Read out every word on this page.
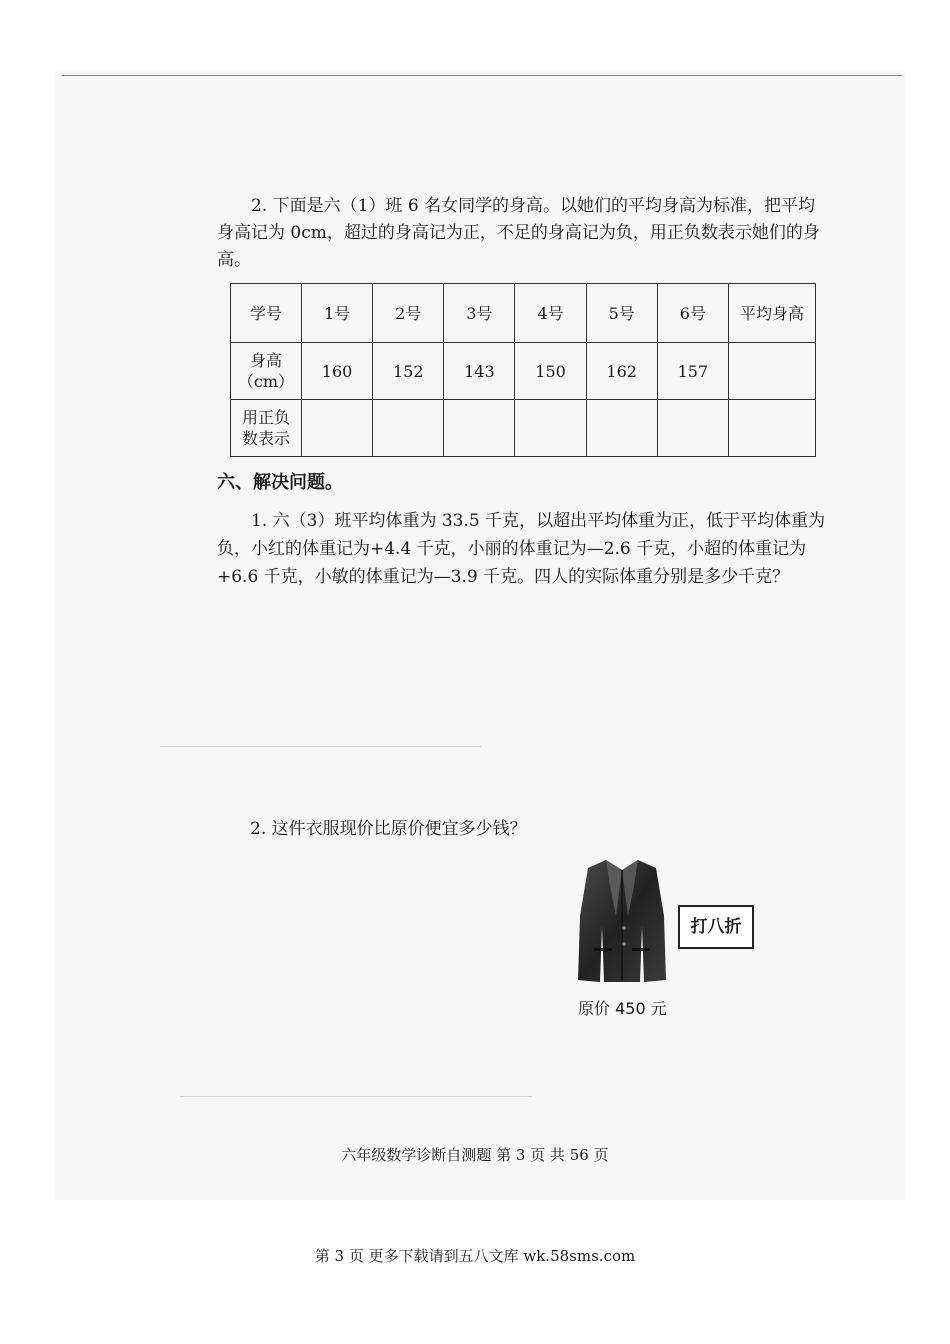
─────────────────────────────────────────
─────────────────────────────────────────────
2. 下面是六（1）班 6 名女同学的身高。以她们的平均身高为标准，把平均身高记为 0cm，超过的身高记为正，不足的身高记为负，用正负数表示她们的身高。
学号	1号	2号	3号	4号	5号	6号	平均身高
身高（cm）	160	152	143	150	162	157	
用正负数表示							
六、解决问题。
1. 六（3）班平均体重为 33.5 千克，以超出平均体重为正，低于平均体重为负，小红的体重记为+4.4 千克，小丽的体重记为—2.6 千克，小超的体重记为+6.6 千克，小敏的体重记为—3.9 千克。四人的实际体重分别是多少千克？
2. 这件衣服现价比原价便宜多少钱？
打八折
原价 450 元
六年级数学诊断自测题 第 3 页 共 56 页
第 3 页 更多下载请到五八文库 wk.58sms.com
